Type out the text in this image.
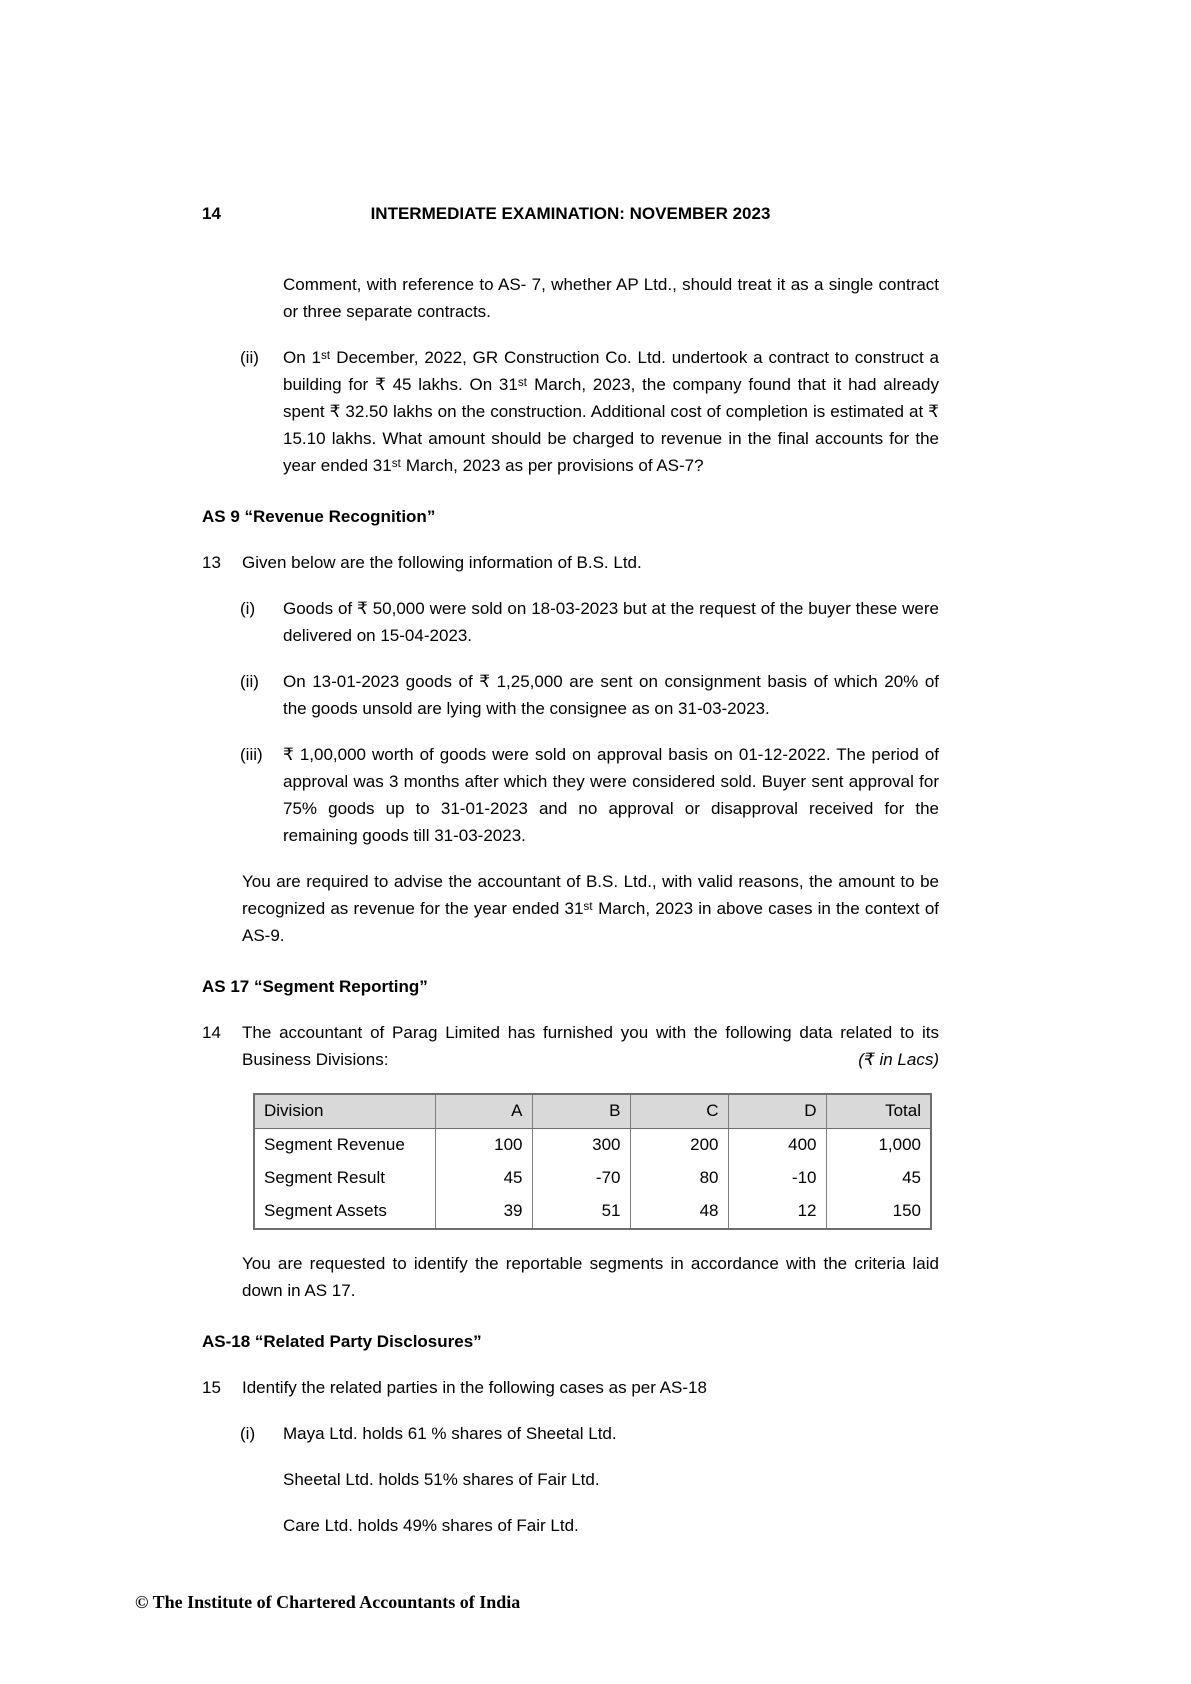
14	INTERMEDIATE EXAMINATION: NOVEMBER 2023

Comment, with reference to AS- 7, whether AP Ltd., should treat it as a single contract or three separate contracts.

(ii)	On 1ˢᵗ December, 2022, GR Construction Co. Ltd. undertook a contract to construct a building for ₹ 45 lakhs. On 31ˢᵗ March, 2023, the company found that it had already spent ₹ 32.50 lakhs on the construction. Additional cost of completion is estimated at ₹ 15.10 lakhs. What amount should be charged to revenue in the final accounts for the year ended 31ˢᵗ March, 2023 as per provisions of AS-7?

AS 9 “Revenue Recognition”
13	Given below are the following information of B.S. Ltd.

(i)	Goods of ₹ 50,000 were sold on 18-03-2023 but at the request of the buyer these were delivered on 15-04-2023.

(ii)	On 13-01-2023 goods of ₹ 1,25,000 are sent on consignment basis of which 20% of the goods unsold are lying with the consignee as on 31-03-2023.

(iii)	₹ 1,00,000 worth of goods were sold on approval basis on 01-12-2022. The period of approval was 3 months after which they were considered sold. Buyer sent approval for 75% goods up to 31-01-2023 and no approval or disapproval received for the remaining goods till 31-03-2023.

You are required to advise the accountant of B.S. Ltd., with valid reasons, the amount to be recognized as revenue for the year ended 31ˢᵗ March, 2023 in above cases in the context of AS-9.

AS 17 “Segment Reporting”
14	The accountant of Parag Limited has furnished you with the following data related to its Business Divisions:	(₹ in Lacs)

Division	A	B	C	D	Total
Segment Revenue	100	300	200	400	1,000
Segment Result	45	-70	80	-10	45
Segment Assets	39	51	48	12	150

You are requested to identify the reportable segments in accordance with the criteria laid down in AS 17.

AS-18 “Related Party Disclosures”
15	Identify the related parties in the following cases as per AS-18

(i)	Maya Ltd. holds 61 % shares of Sheetal Ltd.

Sheetal Ltd. holds 51% shares of Fair Ltd.

Care Ltd. holds 49% shares of Fair Ltd.

© The Institute of Chartered Accountants of India
